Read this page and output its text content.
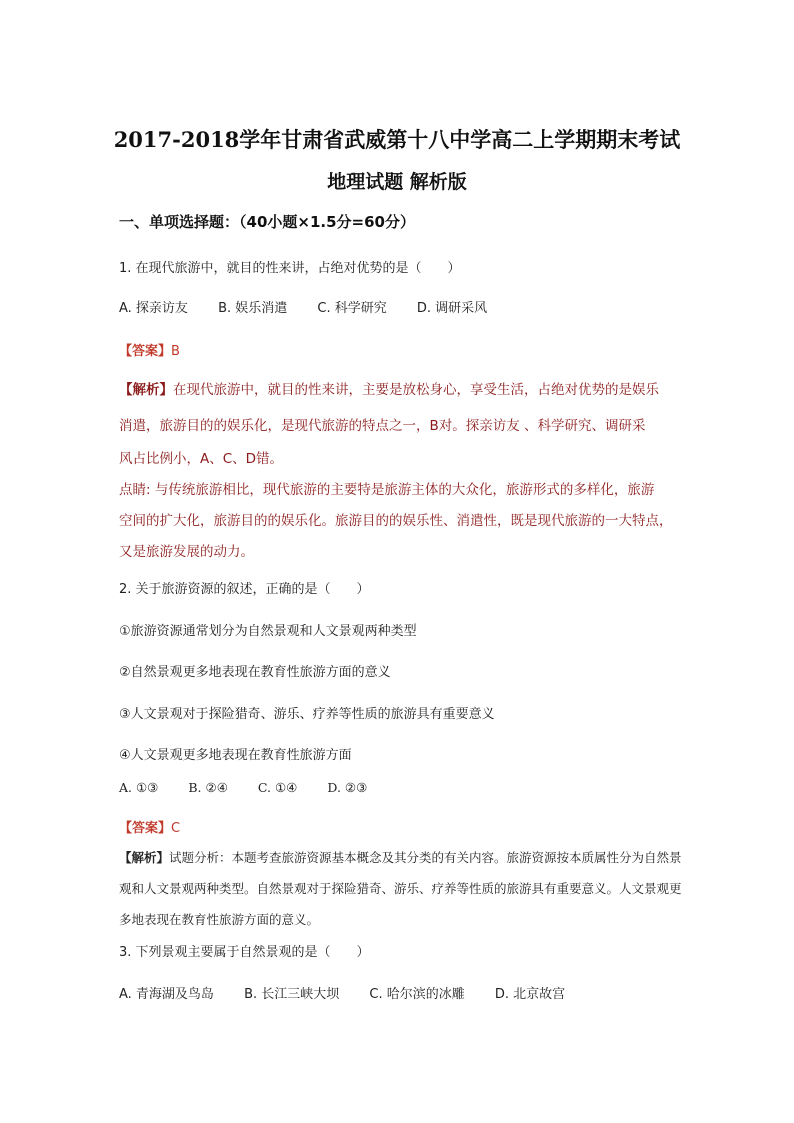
2017-2018学年甘肃省武威第十八中学高二上学期期末考试
地理试题 解析版
一、单项选择题：（40小题×1.5分=60分）
1. 在现代旅游中，就目的性来讲，占绝对优势的是（　　）
A. 探亲访友 B. 娱乐消遣 C. 科学研究 D. 调研采风
【答案】B
【解析】在现代旅游中，就目的性来讲，主要是放松身心，享受生活，占绝对优势的是娱乐
消遣，旅游目的的娱乐化，是现代旅游的特点之一，B对。探亲访友 、科学研究、调研采
风占比例小，A、C、D错。
点睛: 与传统旅游相比，现代旅游的主要特是旅游主体的大众化，旅游形式的多样化，旅游
空间的扩大化，旅游目的的娱乐化。旅游目的的娱乐性、消遣性，既是现代旅游的一大特点，
又是旅游发展的动力。
2. 关于旅游资源的叙述，正确的是（　　）
①旅游资源通常划分为自然景观和人文景观两种类型
②自然景观更多地表现在教育性旅游方面的意义
③人文景观对于探险猎奇、游乐、疗养等性质的旅游具有重要意义
④人文景观更多地表现在教育性旅游方面
A. ①③ B. ②④ C. ①④ D. ②③
【答案】C
【解析】试题分析：本题考查旅游资源基本概念及其分类的有关内容。旅游资源按本质属性分为自然景
观和人文景观两种类型。自然景观对于探险猎奇、游乐、疗养等性质的旅游具有重要意义。人文景观更
多地表现在教育性旅游方面的意义。
3. 下列景观主要属于自然景观的是（　　）
A. 青海湖及鸟岛 B. 长江三峡大坝 C. 哈尔滨的冰雕 D. 北京故宫
